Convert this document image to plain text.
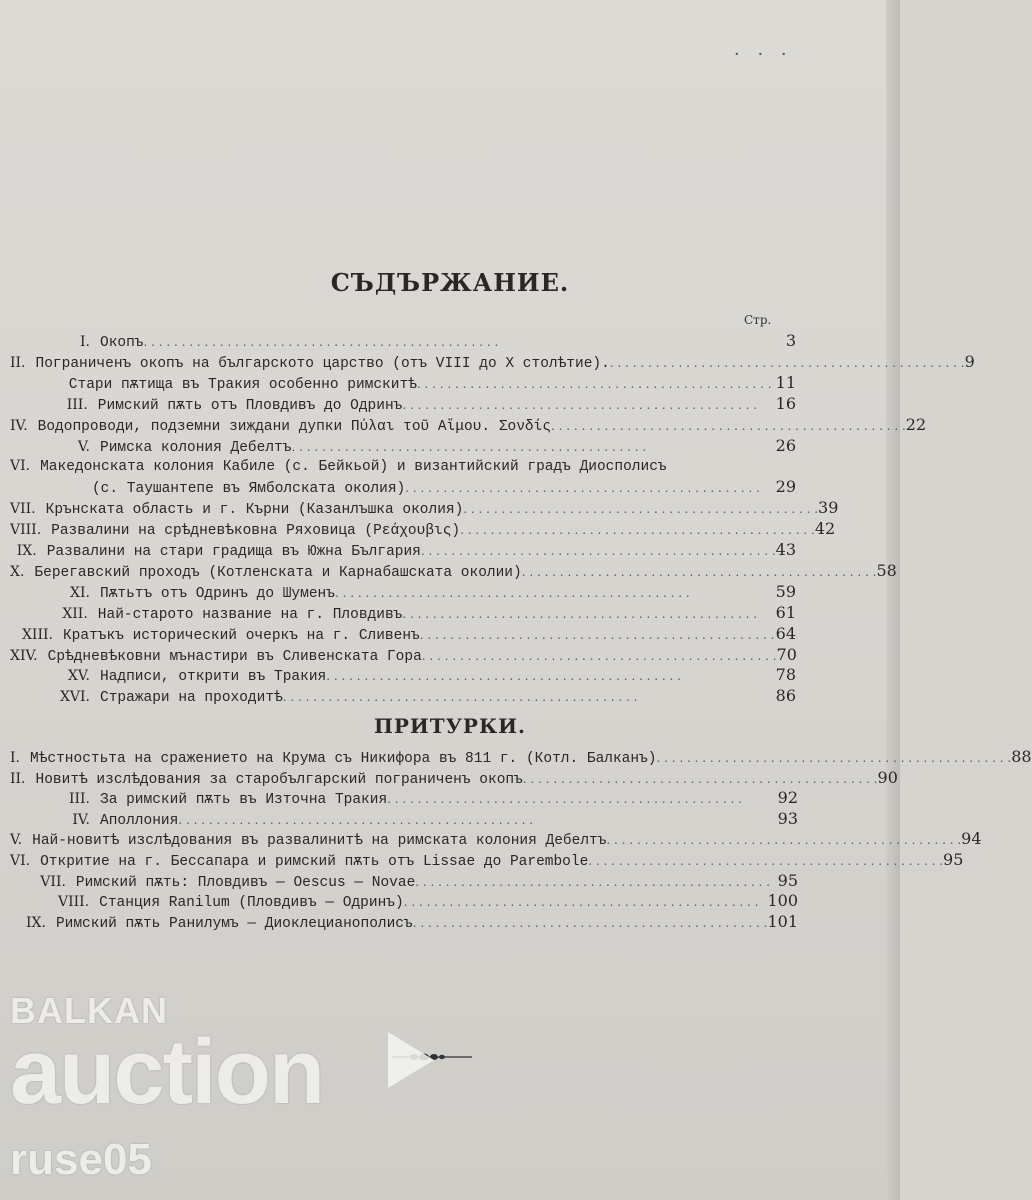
· · ·
СЪДЪРЖАНИЕ.
Стр.
I. Окопъ . . . . . . . . . . . . . . . . . . . . . . . . . . . . . . . . . . . . . . . . . . . . . . .	3
II. Пограниченъ окопъ на българското царство (отъ VIII до X столѣтие). . . . . . . . . . . . . . . . . . . . . . . . . . . . . . . . . . . . . . . . . . . . . . . . 9
Стари пѫтища въ Тракия особенно римскитѣ . . . . . . . . . . . . . . . . . . . . . . . . . . . . . . . . . . . . . . . . . . . . . . . 11
III. Римский пѫть отъ Пловдивъ до Одринъ . . . . . . . . . . . . . . . . . . . . . . . . . . . . . . . . . . . . . . . . . . . . . . .	16
IV. Водопроводи, подземни зиждани дупки Πύλαι τοῦ Αἵμου. Σονδίς . . . . . . . . . . . . . . . . . . . . . . . . . . . . . . . . . . . . . . . . . . . . . . . 22
V. Римска колония Дебелтъ . . . . . . . . . . . . . . . . . . . . . . . . . . . . . . . . . . . . . . . . . . . . . . .	26
VI. Македонската колония Кабиле (с. Бейкьой) и византийский градъ Диосполисъ
(с. Таушантепе въ Ямболската околия) . . . . . . . . . . . . . . . . . . . . . . . . . . . . . . . . . . . . . . . . . . . . . . . 29
VII. Крънската область и г. Кърни (Казанлъшка околия) . . . . . . . . . . . . . . . . . . . . . . . . . . . . . . . . . . . . . . . . . . . . . . . 39
VIII. Развалини на срѣдневѣковна Ряховица (Ρεάχουβις) . . . . . . . . . . . . . . . . . . . . . . . . . . . . . . . . . . . . . . . . . . . . . . . 42
IX. Развалини на стари градища въ Южна България . . . . . . . . . . . . . . . . . . . . . . . . . . . . . . . . . . . . . . . . . . . . . . . 43
X. Берегавский проходъ (Котленската и Карнабашската околии) . . . . . . . . . . . . . . . . . . . . . . . . . . . . . . . . . . . . . . . . . . . . . . . 58
XI. Пѫтьтъ отъ Одринъ до Шуменъ . . . . . . . . . . . . . . . . . . . . . . . . . . . . . . . . . . . . . . . . . . . . . . .	59
XII. Най-старото название на г. Пловдивъ . . . . . . . . . . . . . . . . . . . . . . . . . . . . . . . . . . . . . . . . . . . . . . .	61
XIII. Кратъкъ исторический очеркъ на г. Сливенъ . . . . . . . . . . . . . . . . . . . . . . . . . . . . . . . . . . . . . . . . . . . . . . . 64
XIV. Срѣдневѣковни мънастири въ Сливенската Гора . . . . . . . . . . . . . . . . . . . . . . . . . . . . . . . . . . . . . . . . . . . . . . . 70
XV. Надписи, открити въ Тракия . . . . . . . . . . . . . . . . . . . . . . . . . . . . . . . . . . . . . . . . . . . . . . .	78
XVI. Стражари на проходитѣ . . . . . . . . . . . . . . . . . . . . . . . . . . . . . . . . . . . . . . . . . . . . . . .	86
ПРИТУРКИ.
I. Мѣстностьта на сражението на Крума съ Никифора въ 811 г. (Котл. Балканъ) . . . . . . . . . . . . . . . . . . . . . . . . . . . . . . . . . . . . . . . . . . . . . . . 88
II. Новитѣ изслѣдования за старобългарский пограниченъ окопъ . . . . . . . . . . . . . . . . . . . . . . . . . . . . . . . . . . . . . . . . . . . . . . . 90
III. За римский пѫть въ Източна Тракия . . . . . . . . . . . . . . . . . . . . . . . . . . . . . . . . . . . . . . . . . . . . . . .	92
IV. Аполлония . . . . . . . . . . . . . . . . . . . . . . . . . . . . . . . . . . . . . . . . . . . . . . .	93
V. Най-новитѣ изслѣдования въ развалинитѣ на римската колония Дебелтъ . . . . . . . . . . . . . . . . . . . . . . . . . . . . . . . . . . . . . . . . . . . . . . . 94
VI. Откритие на г. Бессапара и римский пѫть отъ Lissae до Parembole . . . . . . . . . . . . . . . . . . . . . . . . . . . . . . . . . . . . . . . . . . . . . . . 95
VII. Римский пѫть: Пловдивъ — Oescus — Novae . . . . . . . . . . . . . . . . . . . . . . . . . . . . . . . . . . . . . . . . . . . . . . . 95
VIII. Станция Ranilum (Пловдивъ — Одринъ) . . . . . . . . . . . . . . . . . . . . . . . . . . . . . . . . . . . . . . . . . . . . . . . 100
IX. Римский пѫть Ранилумъ — Диоклецианополисъ . . . . . . . . . . . . . . . . . . . . . . . . . . . . . . . . . . . . . . . . . . . . . . . 101
BALKAN
auction
ruse05
